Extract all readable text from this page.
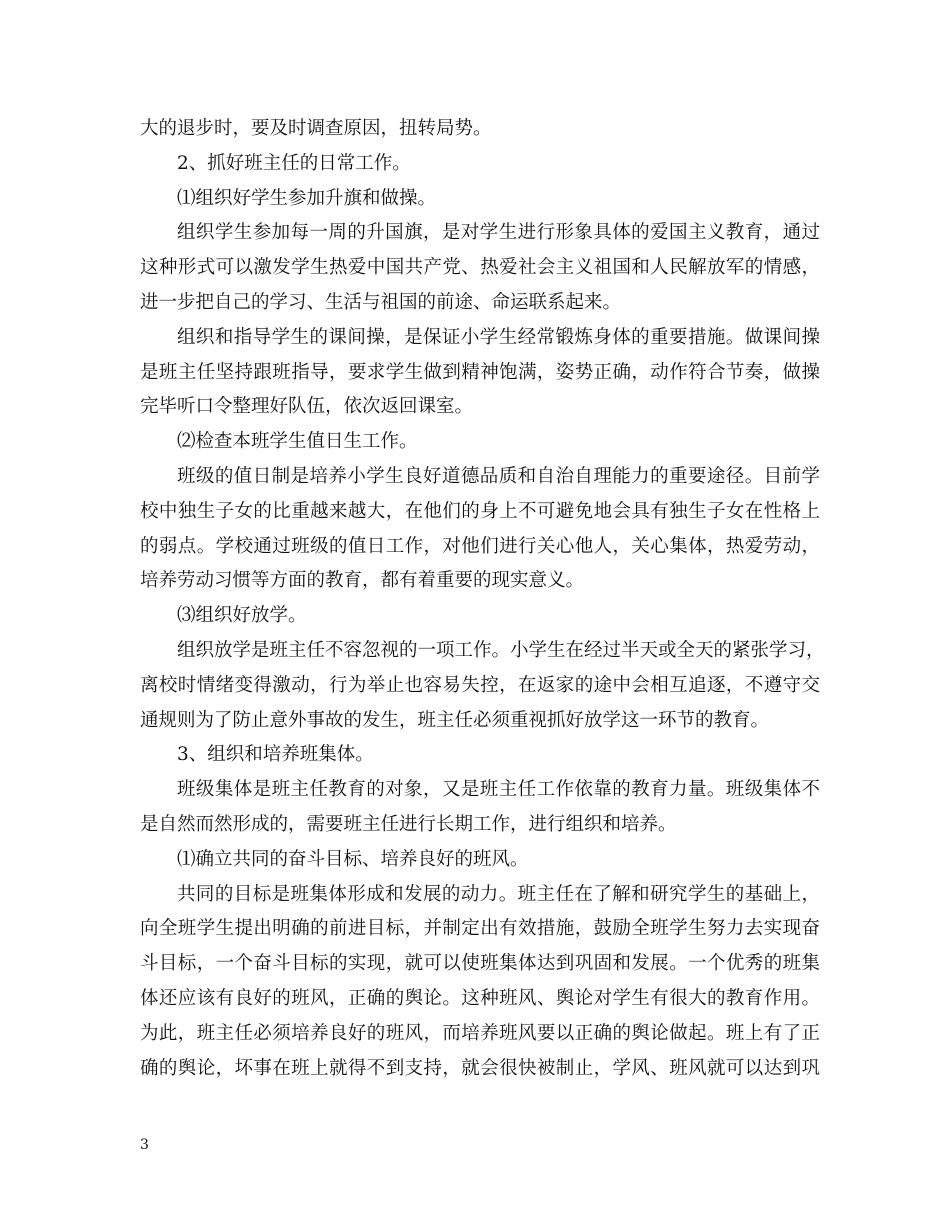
大的退步时，要及时调查原因，扭转局势。
2、抓好班主任的日常工作。
⑴组织好学生参加升旗和做操。
组织学生参加每一周的升国旗，是对学生进行形象具体的爱国主义教育，通过
这种形式可以激发学生热爱中国共产党、热爱社会主义祖国和人民解放军的情感，
进一步把自己的学习、生活与祖国的前途、命运联系起来。
组织和指导学生的课间操，是保证小学生经常锻炼身体的重要措施。做课间操
是班主任坚持跟班指导，要求学生做到精神饱满，姿势正确，动作符合节奏，做操
完毕听口令整理好队伍，依次返回课室。
⑵检查本班学生值日生工作。
班级的值日制是培养小学生良好道德品质和自治自理能力的重要途径。目前学
校中独生子女的比重越来越大，在他们的身上不可避免地会具有独生子女在性格上
的弱点。学校通过班级的值日工作，对他们进行关心他人，关心集体，热爱劳动，
培养劳动习惯等方面的教育，都有着重要的现实意义。
⑶组织好放学。
组织放学是班主任不容忽视的一项工作。小学生在经过半天或全天的紧张学习，
离校时情绪变得激动，行为举止也容易失控，在返家的途中会相互追逐，不遵守交
通规则为了防止意外事故的发生，班主任必须重视抓好放学这一环节的教育。
3、组织和培养班集体。
班级集体是班主任教育的对象，又是班主任工作依靠的教育力量。班级集体不
是自然而然形成的，需要班主任进行长期工作，进行组织和培养。
⑴确立共同的奋斗目标、培养良好的班风。
共同的目标是班集体形成和发展的动力。班主任在了解和研究学生的基础上，
向全班学生提出明确的前进目标，并制定出有效措施，鼓励全班学生努力去实现奋
斗目标，一个奋斗目标的实现，就可以使班集体达到巩固和发展。一个优秀的班集
体还应该有良好的班风，正确的舆论。这种班风、舆论对学生有很大的教育作用。
为此，班主任必须培养良好的班风，而培养班风要以正确的舆论做起。班上有了正
确的舆论，坏事在班上就得不到支持，就会很快被制止，学风、班风就可以达到巩
3
